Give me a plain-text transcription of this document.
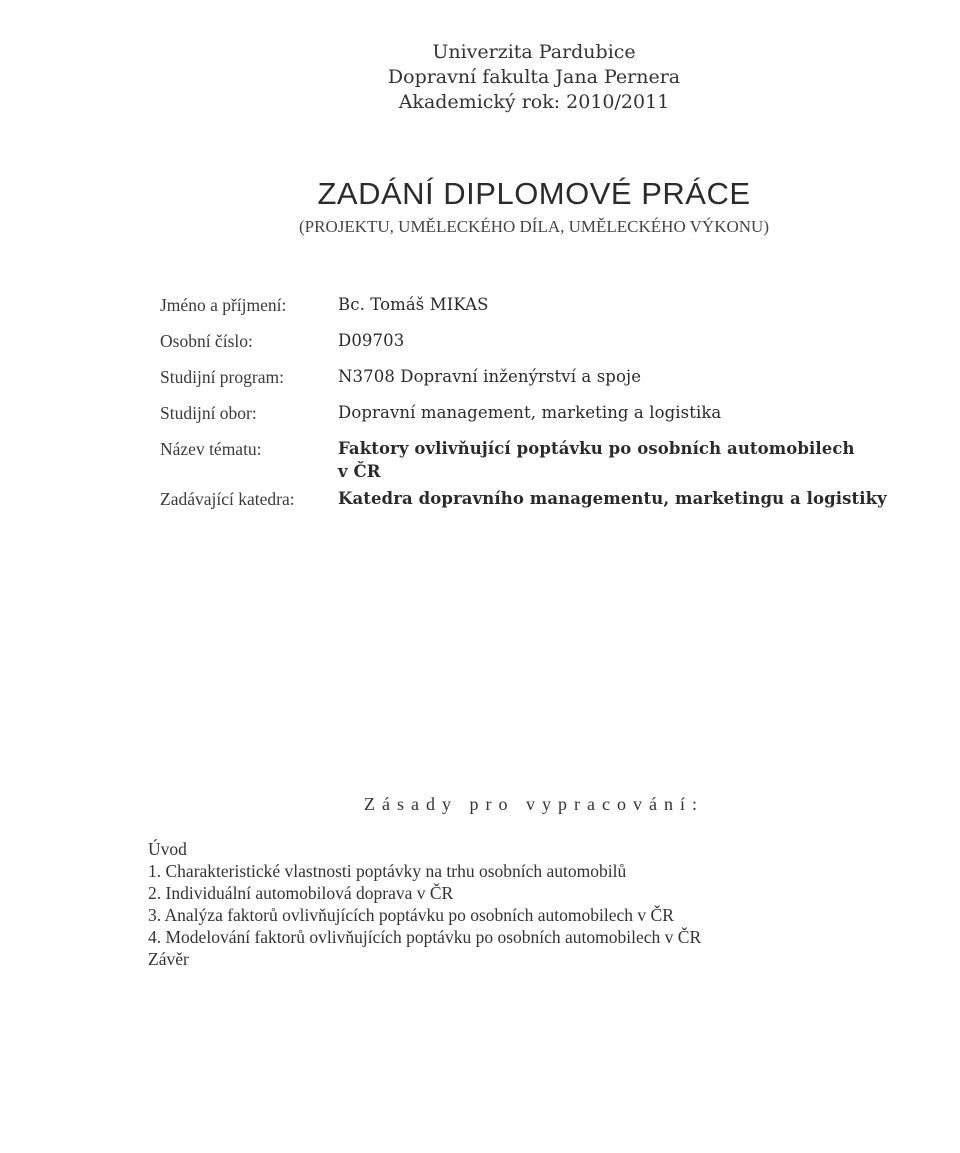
Univerzita Pardubice
Dopravní fakulta Jana Pernera
Akademický rok: 2010/2011
ZADÁNÍ DIPLOMOVÉ PRÁCE
(PROJEKTU, UMĚLECKÉHO DÍLA, UMĚLECKÉHO VÝKONU)
Jméno a příjmení:	Bc. Tomáš MIKAS
Osobní číslo:	D09703
Studijní program:	N3708 Dopravní inženýrství a spoje
Studijní obor:	Dopravní management, marketing a logistika
Název tématu:	Faktory ovlivňující poptávku po osobních automobilech
v ČR
Zadávající katedra:	Katedra dopravního managementu, marketingu a logistiky
Zásady pro vypracování:
Úvod
1. Charakteristické vlastnosti poptávky na trhu osobních automobilů
2. Individuální automobilová doprava v ČR
3. Analýza faktorů ovlivňujících poptávku po osobních automobilech v ČR
4. Modelování faktorů ovlivňujících poptávku po osobních automobilech v ČR
Závěr
